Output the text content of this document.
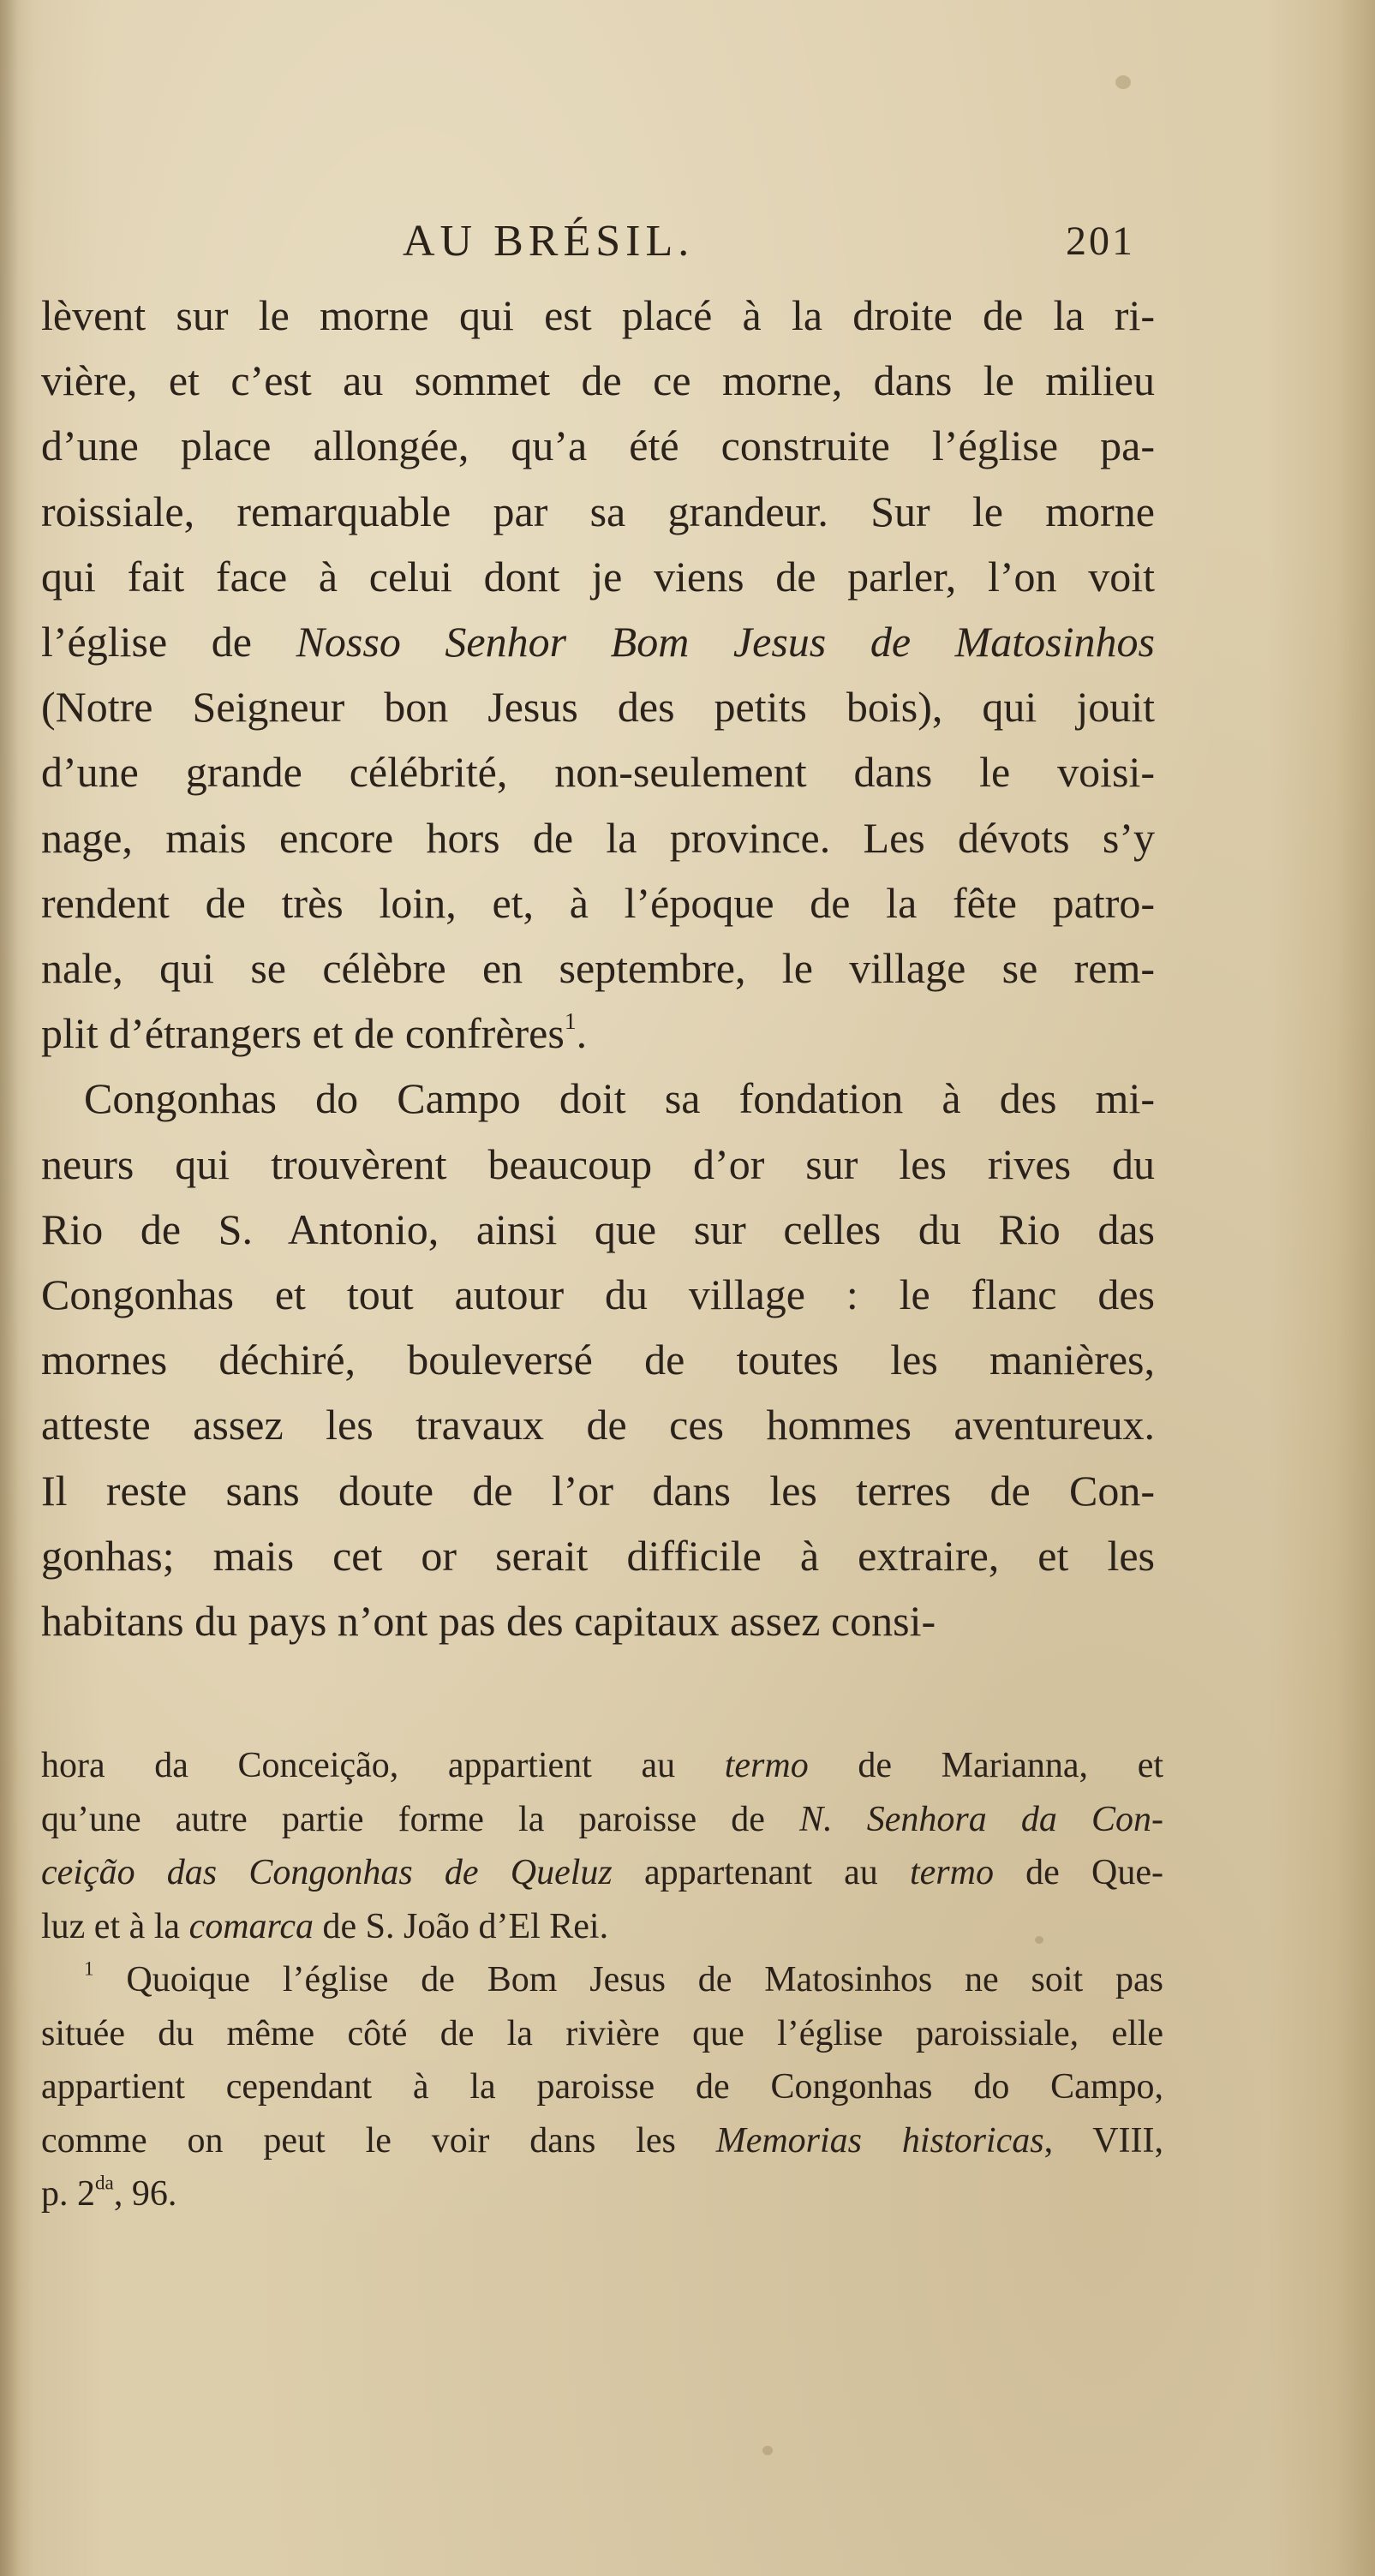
AU BRÉSIL.	201
lèvent sur le morne qui est placé à la droite de la ri-
vière, et c’est au sommet de ce morne, dans le milieu
d’une place allongée, qu’a été construite l’église pa-
roissiale, remarquable par sa grandeur. Sur le morne
qui fait face à celui dont je viens de parler, l’on voit
l’église de Nosso Senhor Bom Jesus de Matosinhos
(Notre Seigneur bon Jesus des petits bois), qui jouit
d’une grande célébrité, non-seulement dans le voisi-
nage, mais encore hors de la province. Les dévots s’y
rendent de très loin, et, à l’époque de la fête patro-
nale, qui se célèbre en septembre, le village se rem-
plit d’étrangers et de confrères$^1$.
Congonhas do Campo doit sa fondation à des mi-
neurs qui trouvèrent beaucoup d’or sur les rives du
Rio de S. Antonio, ainsi que sur celles du Rio das
Congonhas et tout autour du village : le flanc des
mornes déchiré, bouleversé de toutes les manières,
atteste assez les travaux de ces hommes aventureux.
Il reste sans doute de l’or dans les terres de Con-
gonhas; mais cet or serait difficile à extraire, et les
habitans du pays n’ont pas des capitaux assez consi-
hora da Conceição, appartient au termo de Marianna, et
qu’une autre partie forme la paroisse de N. Senhora da Con-
ceição das Congonhas de Queluz appartenant au termo de Que-
luz et à la comarca de S. João d’El Rei.
$^1$ Quoique l’église de Bom Jesus de Matosinhos ne soit pas
située du même côté de la rivière que l’église paroissiale, elle
appartient cependant à la paroisse de Congonhas do Campo,
comme on peut le voir dans les Memorias historicas, VIII,
p. $2^{da}$, 96.
